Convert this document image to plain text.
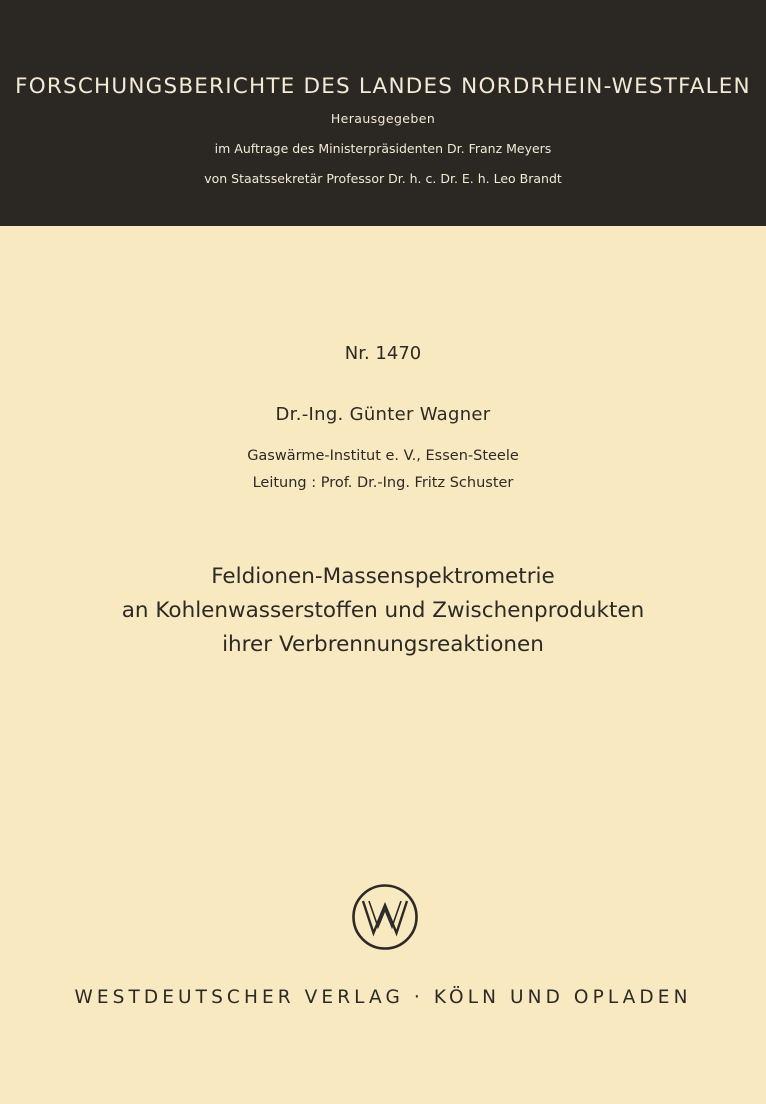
FORSCHUNGSBERICHTE DES LANDES NORDRHEIN-WESTFALEN
Herausgegeben
im Auftrage des Ministerpräsidenten Dr. Franz Meyers
von Staatssekretär Professor Dr. h. c. Dr. E. h. Leo Brandt
Nr. 1470
Dr.-Ing. Günter Wagner
Gaswärme-Institut e. V., Essen-Steele
Leitung : Prof. Dr.-Ing. Fritz Schuster
Feldionen-Massenspektrometrie
an Kohlenwasserstoffen und Zwischenprodukten
ihrer Verbrennungsreaktionen
WESTDEUTSCHER VERLAG · KÖLN UND OPLADEN
